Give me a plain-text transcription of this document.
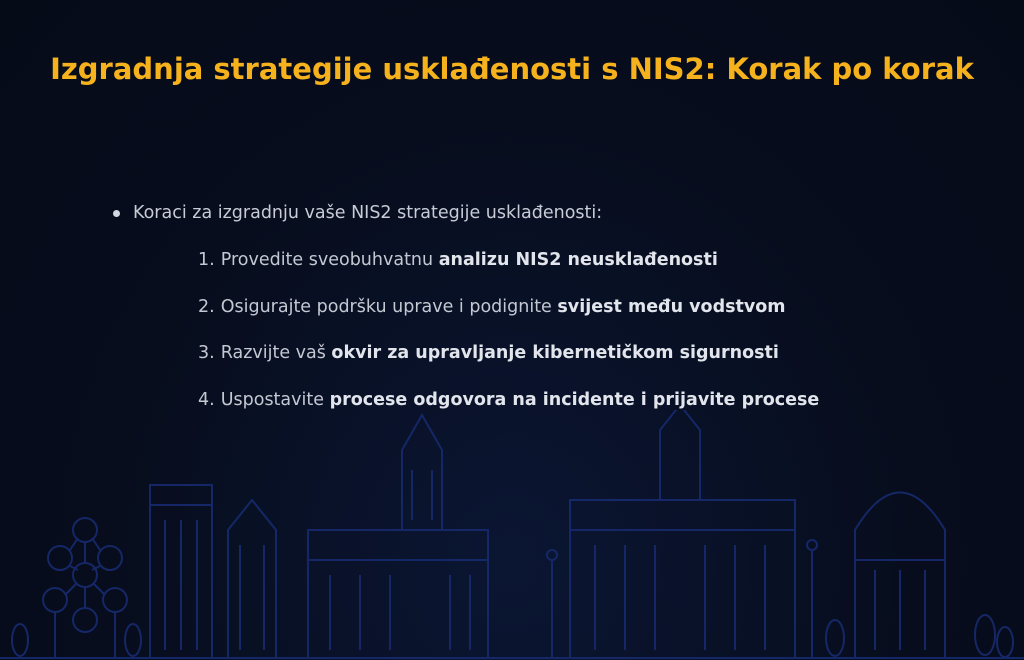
Izgradnja strategije usklađenosti s NIS2: Korak po korak
Koraci za izgradnju vaše NIS2 strategije usklađenosti:
1. Provedite sveobuhvatnu analizu NIS2 neusklađenosti
2. Osigurajte podršku uprave i podignite svijest među vodstvom
3. Razvijte vaš okvir za upravljanje kibernetičkom sigurnosti
4. Uspostavite procese odgovora na incidente i prijavite procese
